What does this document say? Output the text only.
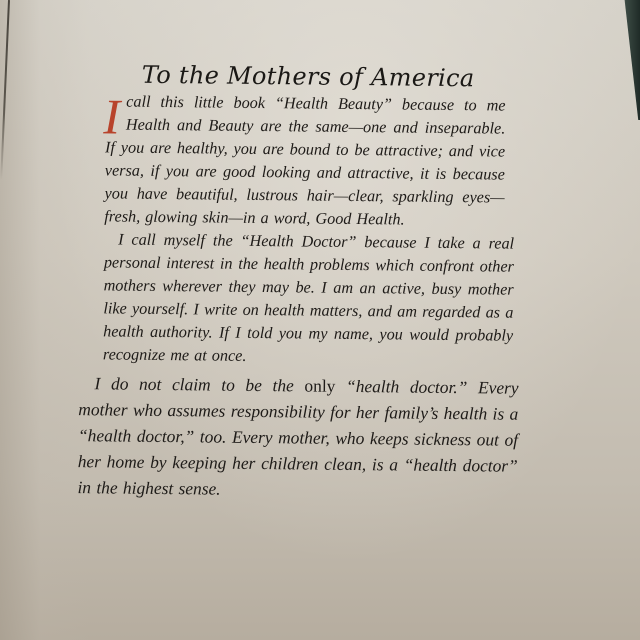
To the Mothers of America

I call this little book “Health Beauty” because to me Health and Beauty are the same—one and inseparable. If you are healthy, you are bound to be attractive; and vice versa, if you are good looking and attractive, it is because you have beautiful, lustrous hair—clear, sparkling eyes—fresh, glowing skin—in a word, Good Health.

I call myself the “Health Doctor” because I take a real personal interest in the health problems which confront other mothers wherever they may be. I am an active, busy mother like yourself. I write on health matters, and am regarded as a health authority. If I told you my name, you would probably recognize me at once.

I do not claim to be the only “health doctor.” Every mother who assumes responsibility for her family’s health is a “health doctor,” too. Every mother, who keeps sickness out of her home by keeping her children clean, is a “health doctor” in the highest sense.
